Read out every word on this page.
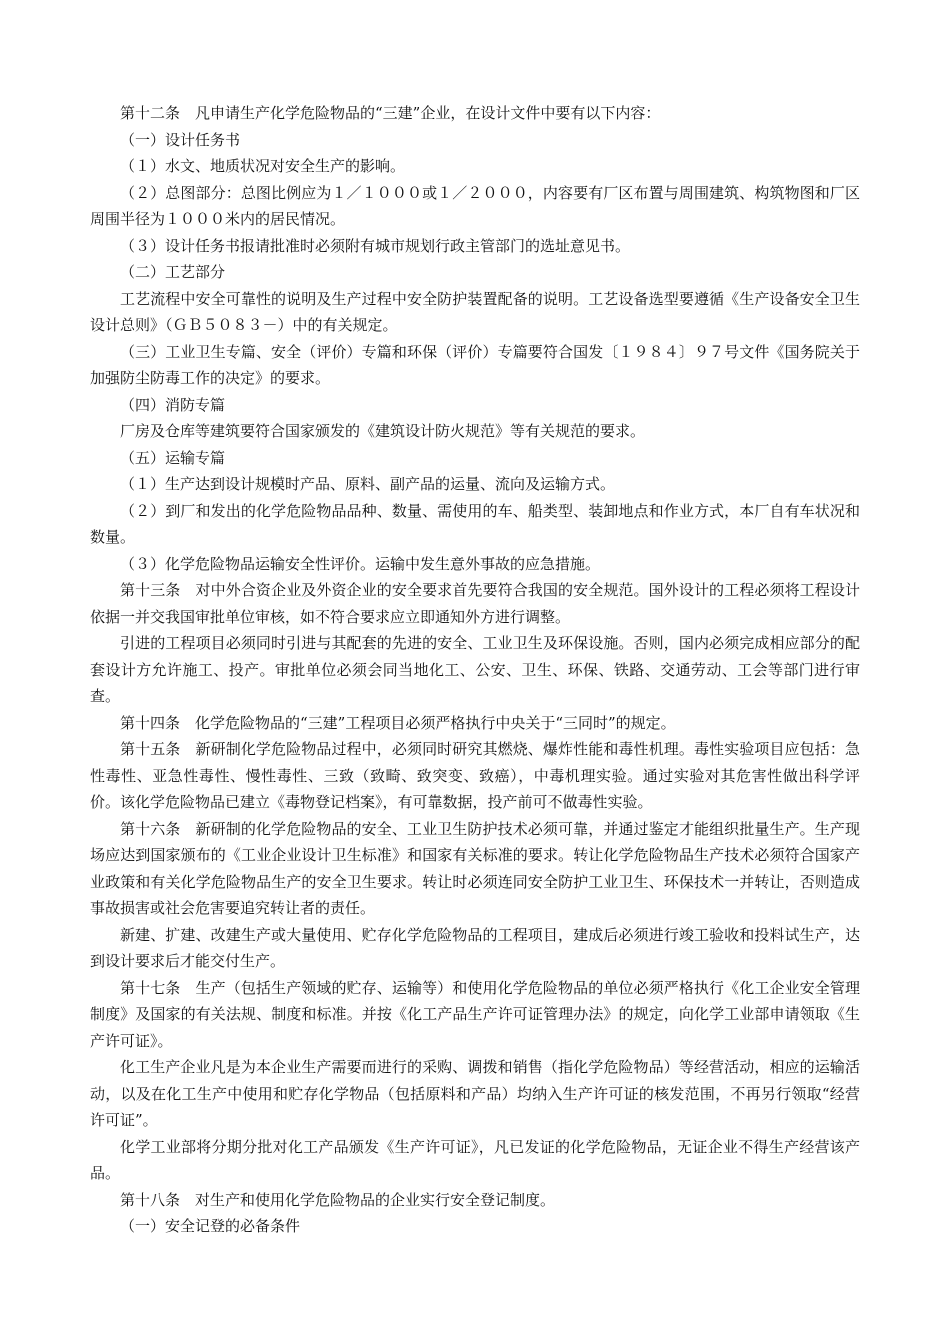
第十二条　凡申请生产化学危险物品的“三建”企业，在设计文件中要有以下内容：

（一）设计任务书

（１）水文、地质状况对安全生产的影响。

（２）总图部分：总图比例应为１／１０００或１／２０００，内容要有厂区布置与周围建筑、构筑物图和厂区周围半径为１０００米内的居民情况。

（３）设计任务书报请批准时必须附有城市规划行政主管部门的选址意见书。

（二）工艺部分

工艺流程中安全可靠性的说明及生产过程中安全防护装置配备的说明。工艺设备选型要遵循《生产设备安全卫生设计总则》（ＧＢ５０８３－）中的有关规定。

（三）工业卫生专篇、安全（评价）专篇和环保（评价）专篇要符合国发〔１９８４〕９７号文件《国务院关于加强防尘防毒工作的决定》的要求。

（四）消防专篇

厂房及仓库等建筑要符合国家颁发的《建筑设计防火规范》等有关规范的要求。

（五）运输专篇

（１）生产达到设计规模时产品、原料、副产品的运量、流向及运输方式。

（２）到厂和发出的化学危险物品品种、数量、需使用的车、船类型、装卸地点和作业方式，本厂自有车状况和数量。

（３）化学危险物品运输安全性评价。运输中发生意外事故的应急措施。

第十三条　对中外合资企业及外资企业的安全要求首先要符合我国的安全规范。国外设计的工程必须将工程设计依据一并交我国审批单位审核，如不符合要求应立即通知外方进行调整。

引进的工程项目必须同时引进与其配套的先进的安全、工业卫生及环保设施。否则，国内必须完成相应部分的配套设计方允许施工、投产。审批单位必须会同当地化工、公安、卫生、环保、铁路、交通劳动、工会等部门进行审查。

第十四条　化学危险物品的“三建”工程项目必须严格执行中央关于“三同时”的规定。

第十五条　新研制化学危险物品过程中，必须同时研究其燃烧、爆炸性能和毒性机理。毒性实验项目应包括：急性毒性、亚急性毒性、慢性毒性、三致（致畸、致突变、致癌），中毒机理实验。通过实验对其危害性做出科学评价。该化学危险物品已建立《毒物登记档案》，有可靠数据，投产前可不做毒性实验。

第十六条　新研制的化学危险物品的安全、工业卫生防护技术必须可靠，并通过鉴定才能组织批量生产。生产现场应达到国家颁布的《工业企业设计卫生标准》和国家有关标准的要求。转让化学危险物品生产技术必须符合国家产业政策和有关化学危险物品生产的安全卫生要求。转让时必须连同安全防护工业卫生、环保技术一并转让，否则造成事故损害或社会危害要追究转让者的责任。

新建、扩建、改建生产或大量使用、贮存化学危险物品的工程项目，建成后必须进行竣工验收和投料试生产，达到设计要求后才能交付生产。

第十七条　生产（包括生产领域的贮存、运输等）和使用化学危险物品的单位必须严格执行《化工企业安全管理制度》及国家的有关法规、制度和标准。并按《化工产品生产许可证管理办法》的规定，向化学工业部申请领取《生产许可证》。

化工生产企业凡是为本企业生产需要而进行的采购、调拨和销售（指化学危险物品）等经营活动，相应的运输活动，以及在化工生产中使用和贮存化学物品（包括原料和产品）均纳入生产许可证的核发范围，不再另行领取“经营许可证”。

化学工业部将分期分批对化工产品颁发《生产许可证》，凡已发证的化学危险物品，无证企业不得生产经营该产品。

第十八条　对生产和使用化学危险物品的企业实行安全登记制度。

（一）安全记登的必备条件
